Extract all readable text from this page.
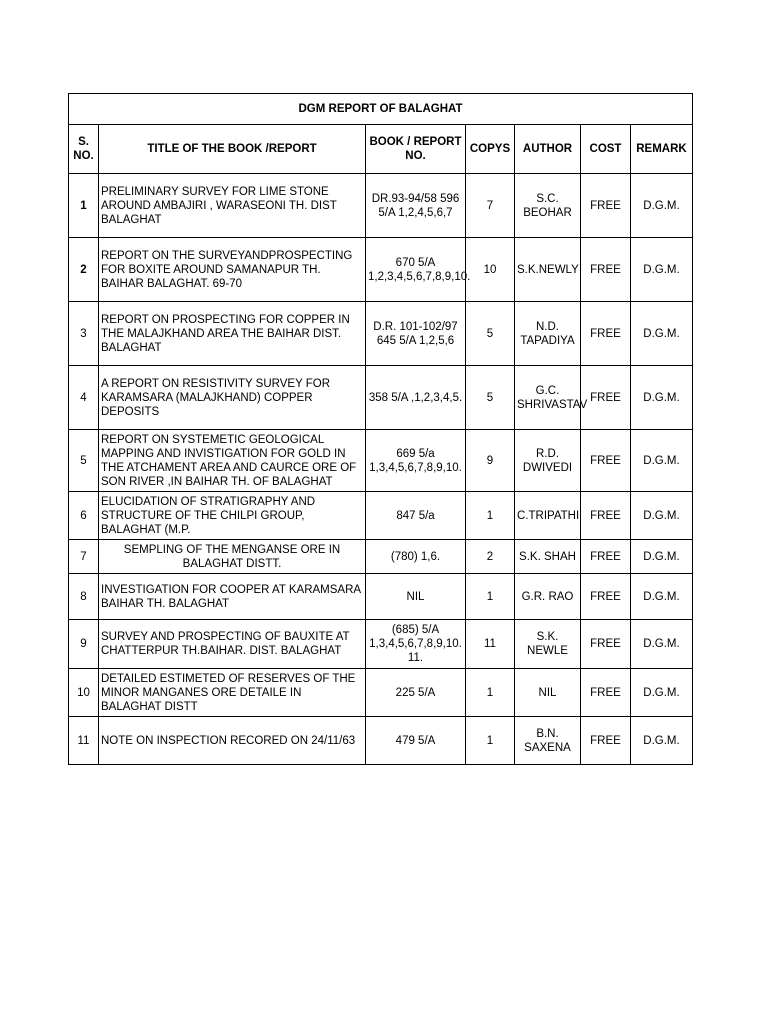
DGM REPORT OF BALAGHAT						
S. NO.	TITLE OF THE BOOK /REPORT	BOOK / REPORT NO.	COPYS	AUTHOR	COST	REMARK
1	PRELIMINARY SURVEY FOR LIME STONE AROUND AMBAJIRI , WARASEONI TH. DIST BALAGHAT	DR.93-94/58 596 5/A 1,2,4,5,6,7	7	S.C. BEOHAR	FREE	D.G.M.
2	REPORT ON THE SURVEYANDPROSPECTING FOR BOXITE AROUND SAMANAPUR TH. BAIHAR BALAGHAT. 69-70	670 5/A 1,2,3,4,5,6,7,8,9,10.	10	S.K.NEWLY	FREE	D.G.M.
3	REPORT ON PROSPECTING FOR COPPER IN THE MALAJKHAND AREA THE BAIHAR DIST. BALAGHAT	D.R. 101-102/97 645 5/A 1,2,5,6	5	N.D. TAPADIYA	FREE	D.G.M.
4	A REPORT ON RESISTIVITY SURVEY FOR KARAMSARA (MALAJKHAND) COPPER DEPOSITS	358 5/A ,1,2,3,4,5.	5	G.C. SHRIVASTAV	FREE	D.G.M.
5	REPORT ON SYSTEMETIC GEOLOGICAL MAPPING AND INVISTIGATION FOR GOLD IN THE ATCHAMENT AREA AND CAURCE ORE OF SON RIVER ,IN BAIHAR TH. OF BALAGHAT	669 5/a 1,3,4,5,6,7,8,9,10.	9	R.D. DWIVEDI	FREE	D.G.M.
6	ELUCIDATION OF STRATIGRAPHY AND STRUCTURE OF THE CHILPI GROUP, BALAGHAT (M.P.	847 5/a	1	C.TRIPATHI	FREE	D.G.M.
7	SEMPLING OF THE MENGANSE ORE IN BALAGHAT DISTT.	(780) 1,6.	2	S.K. SHAH	FREE	D.G.M.
8	INVESTIGATION FOR COOPER AT KARAMSARA BAIHAR TH. BALAGHAT	NIL	1	G.R. RAO	FREE	D.G.M.
9	SURVEY AND PROSPECTING OF BAUXITE AT CHATTERPUR TH.BAIHAR. DIST. BALAGHAT	(685) 5/A 1,3,4,5,6,7,8,9,10. 11.	11	S.K. NEWLE	FREE	D.G.M.
10	DETAILED ESTIMETED OF RESERVES OF THE MINOR MANGANES ORE DETAILE IN BALAGHAT DISTT	225 5/A	1	NIL	FREE	D.G.M.
11	NOTE ON INSPECTION RECORED ON 24/11/63	479 5/A	1	B.N. SAXENA	FREE	D.G.M.
